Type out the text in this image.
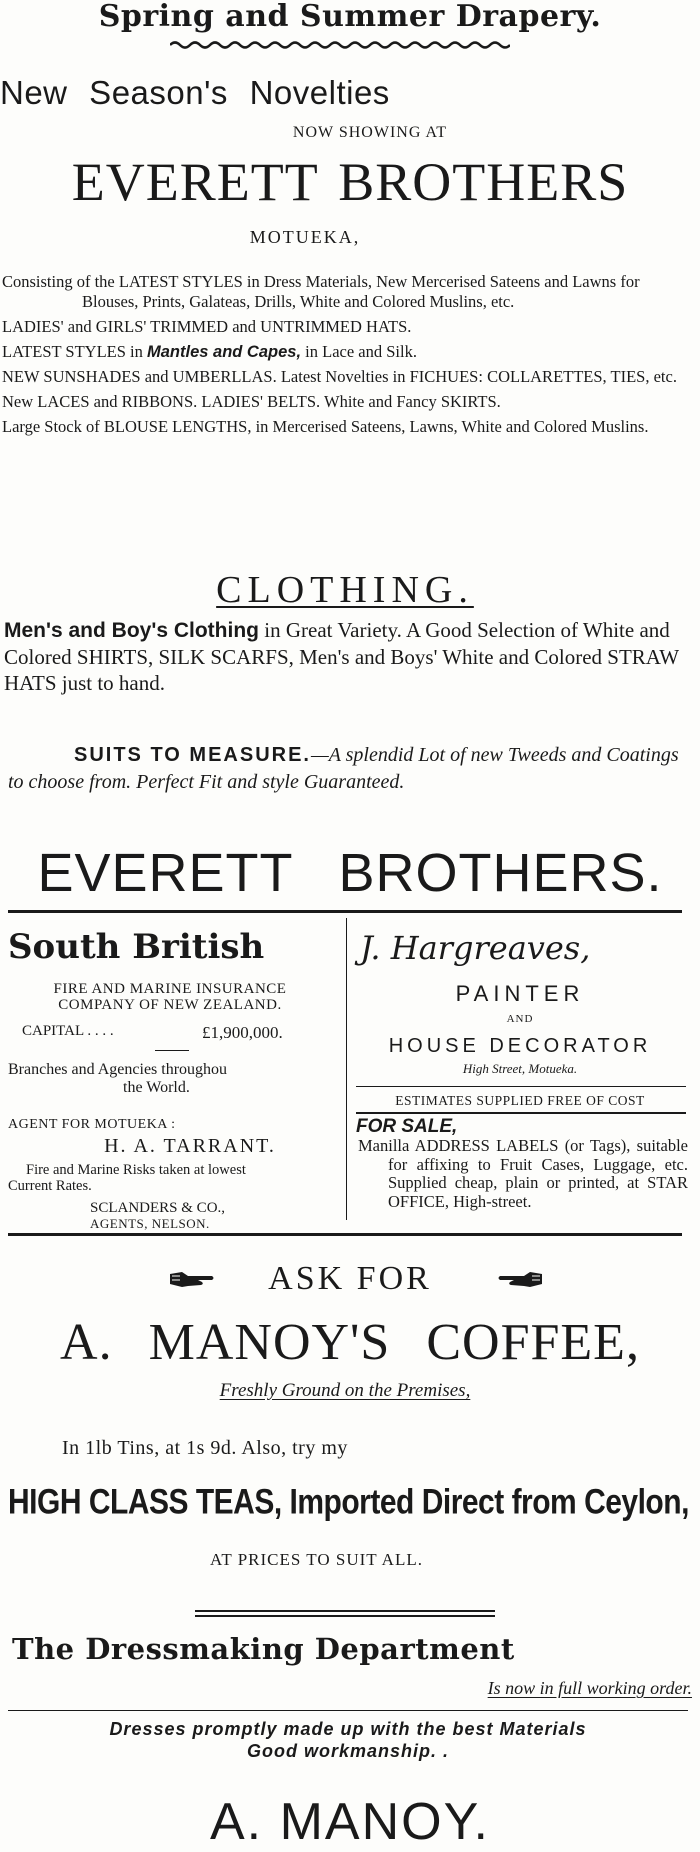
Spring and Summer Drapery.
New Season's Novelties
NOW SHOWING AT
EVERETT BROTHERS
MOTUEKA,

Consisting of the LATEST STYLES in Dress Materials, New Mercerised Sateens and Lawns for Blouses, Prints, Galateas, Drills, White and Colored Muslins, etc.

LADIES' and GIRLS' TRIMMED and UNTRIMMED HATS.

LATEST STYLES in Mantles and Capes, in Lace and Silk.

NEW SUNSHADES and UMBERLLAS. Latest Novelties in FICHUES: COLLARETTES, TIES, etc.

New LACES and RIBBONS. LADIES' BELTS. White and Fancy SKIRTS.

Large Stock of BLOUSE LENGTHS, in Mercerised Sateens, Lawns, White and Colored Muslins.

CLOTHING.
Men's and Boy's Clothing in Great Variety. A Good Selection of White and Colored SHIRTS, SILK SCARFS, Men's and Boys' White and Colored STRAW HATS just to hand.
SUITS TO MEASURE.—A splendid Lot of new Tweeds and Coatings to choose from. Perfect Fit and style Guaranteed.
EVERETT BROTHERS.
South British
FIRE AND MARINE INSURANCE
COMPANY OF NEW ZEALAND.
CAPITAL . . . .	£1,900,000.
Branches and Agencies throughou
the World.
AGENT FOR MOTUEKA :
H. A. TARRANT.
Fire and Marine Risks taken at lowest
Current Rates.
SCLANDERS & CO.,
AGENTS, NELSON.
J. Hargreaves,
PAINTER
AND
HOUSE DECORATOR
High Street, Motueka.
ESTIMATES SUPPLIED FREE OF COST
FOR SALE,

Manilla ADDRESS LABELS (or Tags), suitable for affixing to Fruit Cases, Luggage, etc. Supplied cheap, plain or printed, at STAR OFFICE, High-street.

ASK FOR
A. MANOY'S COFFEE,
Freshly Ground on the Premises,
In 1lb Tins, at 1s 9d. Also, try my
HIGH CLASS TEAS, Imported Direct from Ceylon,
AT PRICES TO SUIT ALL.
The Dressmaking Department
Is now in full working order.
Dresses promptly made up with the best Materials
Good workmanship. .
A. MANOY.
